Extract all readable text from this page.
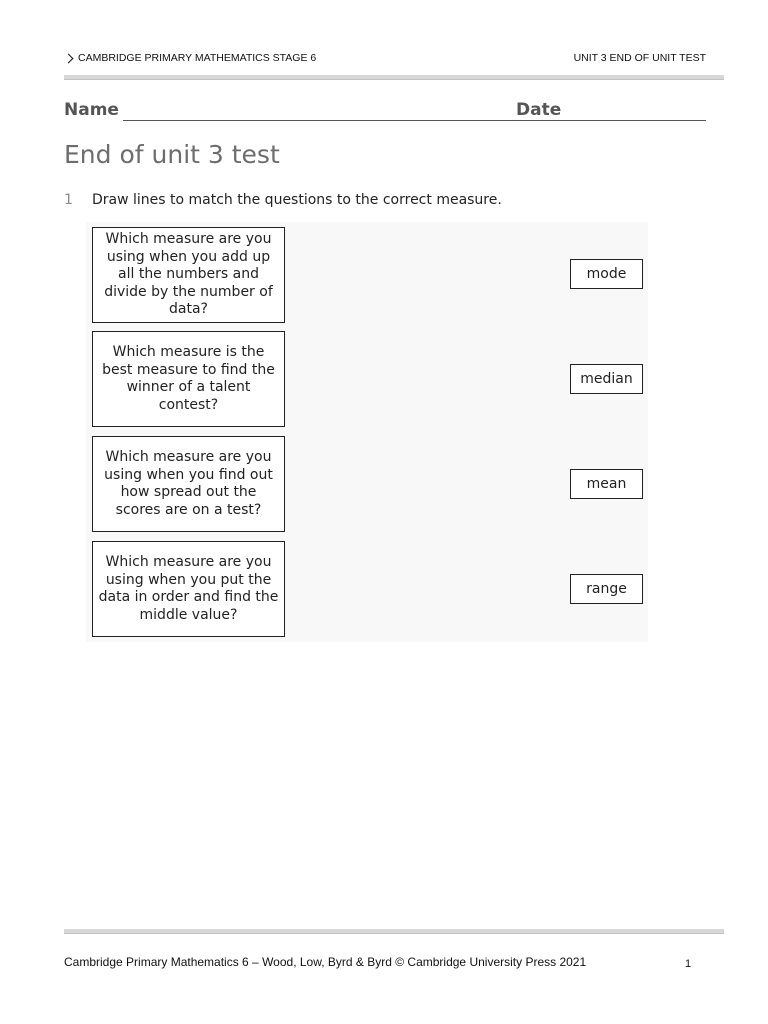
CAMBRIDGE PRIMARY MATHEMATICS STAGE 6	UNIT 3 END OF UNIT TEST
Name	Date
End of unit 3 test
1 Draw lines to match the questions to the correct measure.
Which measure are you using when you add up all the numbers and divide by the number of data?
Which measure is the best measure to find the winner of a talent contest?
Which measure are you using when you find out how spread out the scores are on a test?
Which measure are you using when you put the data in order and find the middle value?
mode
median
mean
range
Cambridge Primary Mathematics 6 – Wood, Low, Byrd & Byrd © Cambridge University Press 2021	1
